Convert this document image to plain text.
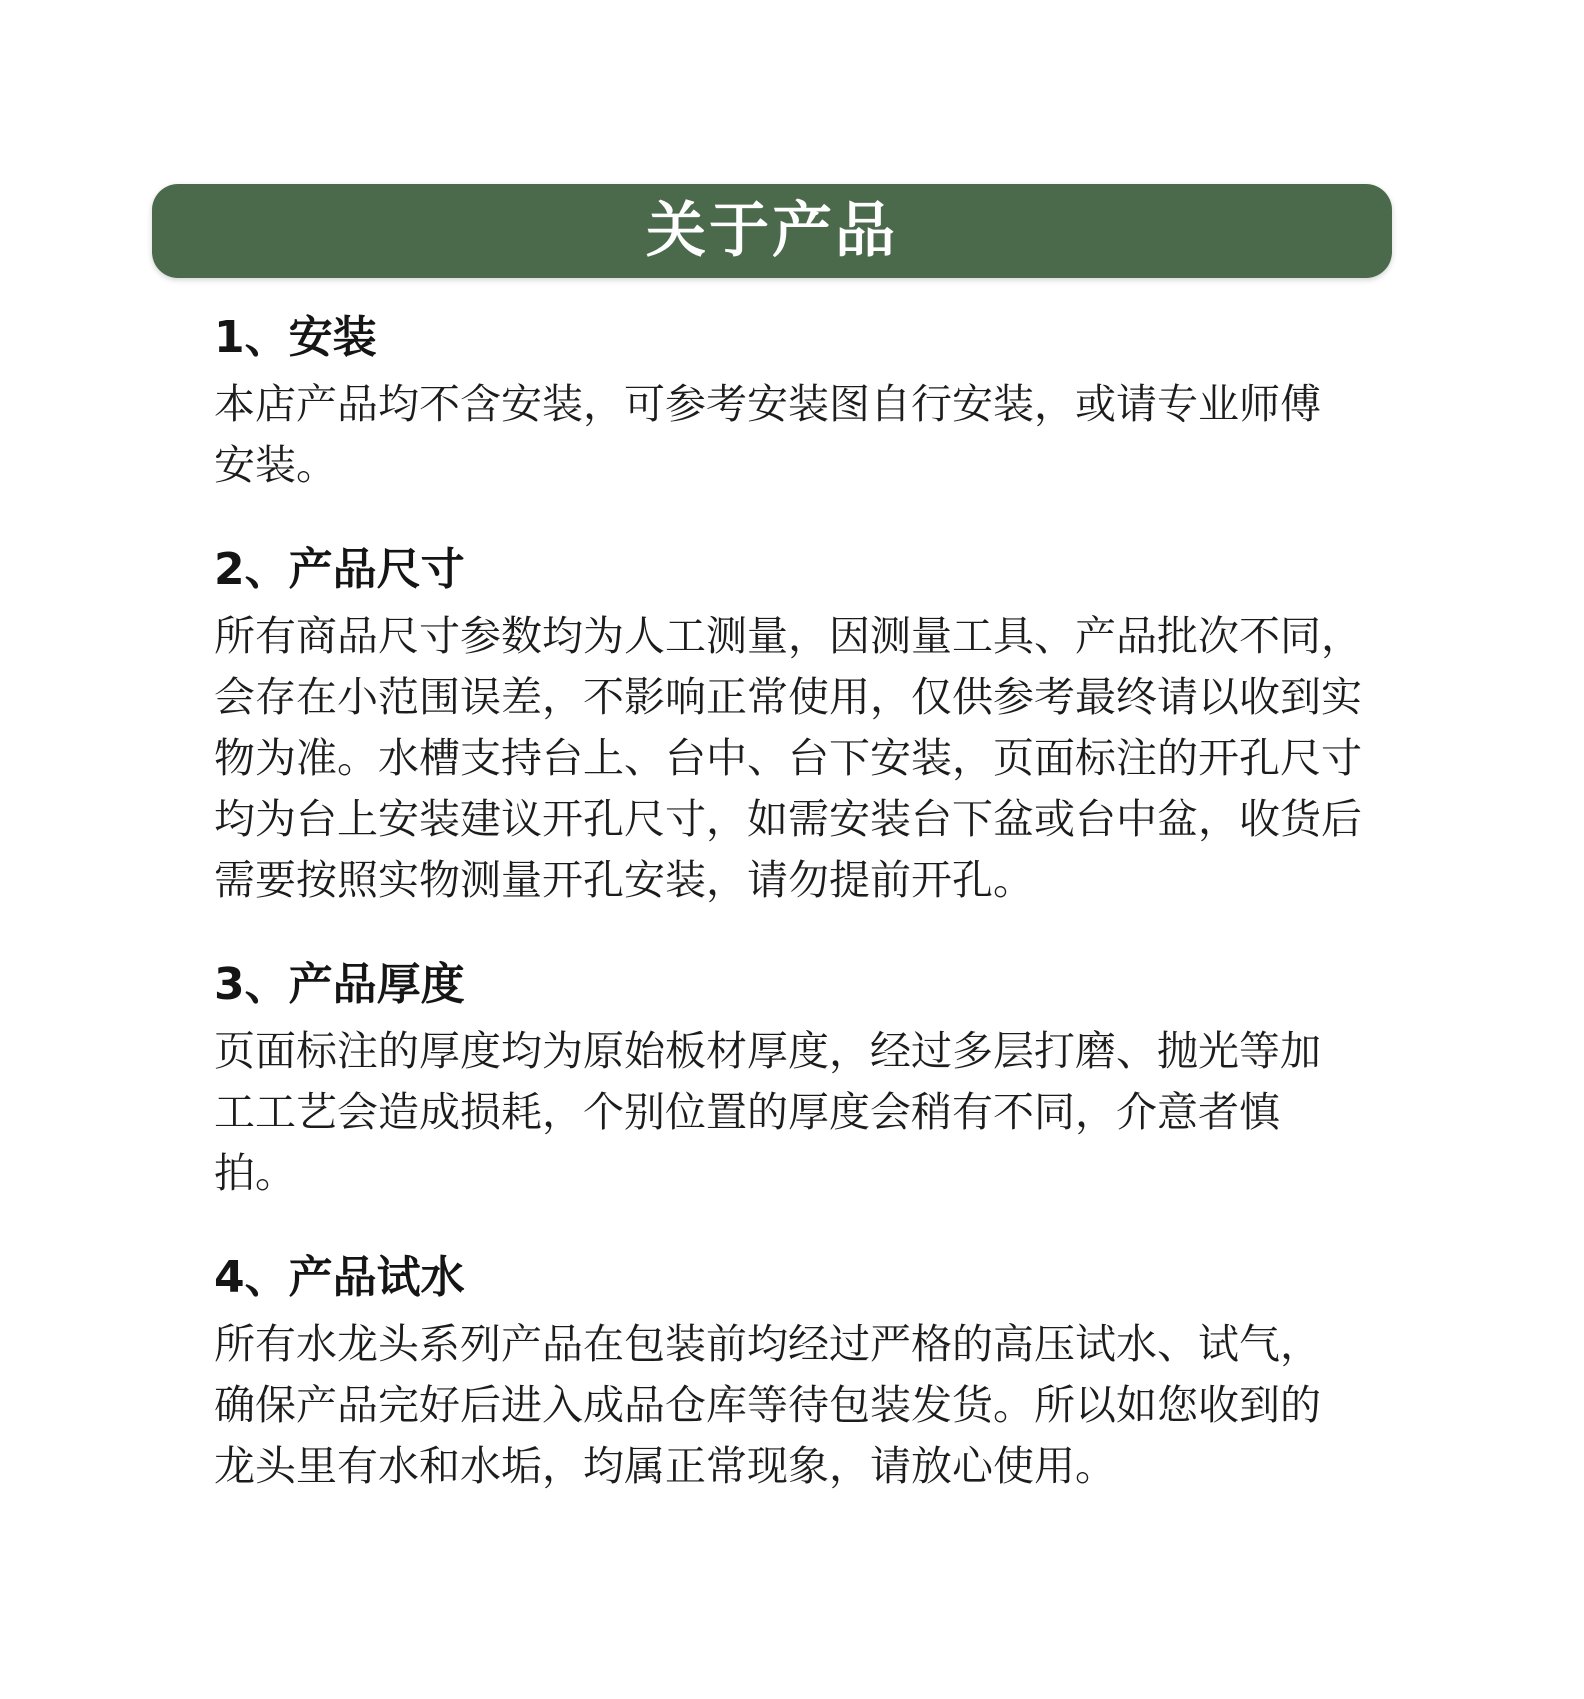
关于产品
1、安装

本店产品均不含安装，可参考安装图自行安装，或请专业师傅安装。

2、产品尺寸

所有商品尺寸参数均为人工测量，因测量工具、产品批次不同，会存在小范围误差，不影响正常使用，仅供参考最终请以收到实物为准。水槽支持台上、台中、台下安装，页面标注的开孔尺寸均为台上安装建议开孔尺寸，如需安装台下盆或台中盆，收货后需要按照实物测量开孔安装，请勿提前开孔。

3、产品厚度

页面标注的厚度均为原始板材厚度，经过多层打磨、抛光等加工工艺会造成损耗，个别位置的厚度会稍有不同，介意者慎拍。

4、产品试水

所有水龙头系列产品在包装前均经过严格的高压试水、试气，确保产品完好后进入成品仓库等待包装发货。所以如您收到的龙头里有水和水垢，均属正常现象，请放心使用。
